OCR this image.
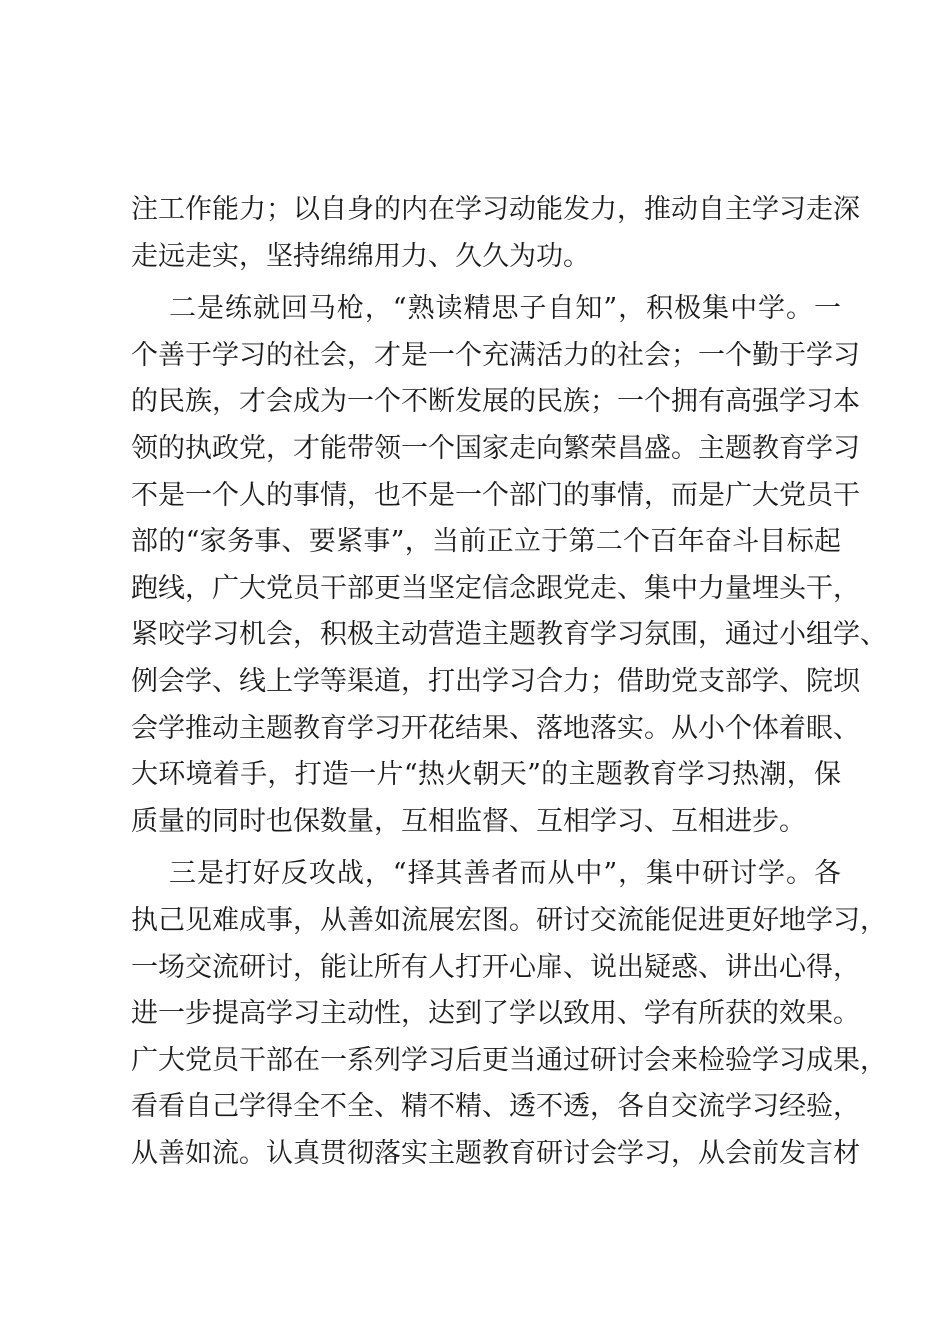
注工作能力；以自身的内在学习动能发力，推动自主学习走深
走远走实，坚持绵绵用力、久久为功。
二是练就回马枪，“熟读精思子自知”，积极集中学。一
个善于学习的社会，才是一个充满活力的社会；一个勤于学习
的民族，才会成为一个不断发展的民族；一个拥有高强学习本
领的执政党，才能带领一个国家走向繁荣昌盛。主题教育学习
不是一个人的事情，也不是一个部门的事情，而是广大党员干
部的“家务事、要紧事”，当前正立于第二个百年奋斗目标起
跑线，广大党员干部更当坚定信念跟党走、集中力量埋头干，
紧咬学习机会，积极主动营造主题教育学习氛围，通过小组学、
例会学、线上学等渠道，打出学习合力；借助党支部学、院坝
会学推动主题教育学习开花结果、落地落实。从小个体着眼、
大环境着手，打造一片“热火朝天”的主题教育学习热潮，保
质量的同时也保数量，互相监督、互相学习、互相进步。
三是打好反攻战，“择其善者而从中”，集中研讨学。各
执己见难成事，从善如流展宏图。研讨交流能促进更好地学习，
一场交流研讨，能让所有人打开心扉、说出疑惑、讲出心得，
进一步提高学习主动性，达到了学以致用、学有所获的效果。
广大党员干部在一系列学习后更当通过研讨会来检验学习成果，
看看自己学得全不全、精不精、透不透，各自交流学习经验，
从善如流。认真贯彻落实主题教育研讨会学习，从会前发言材
